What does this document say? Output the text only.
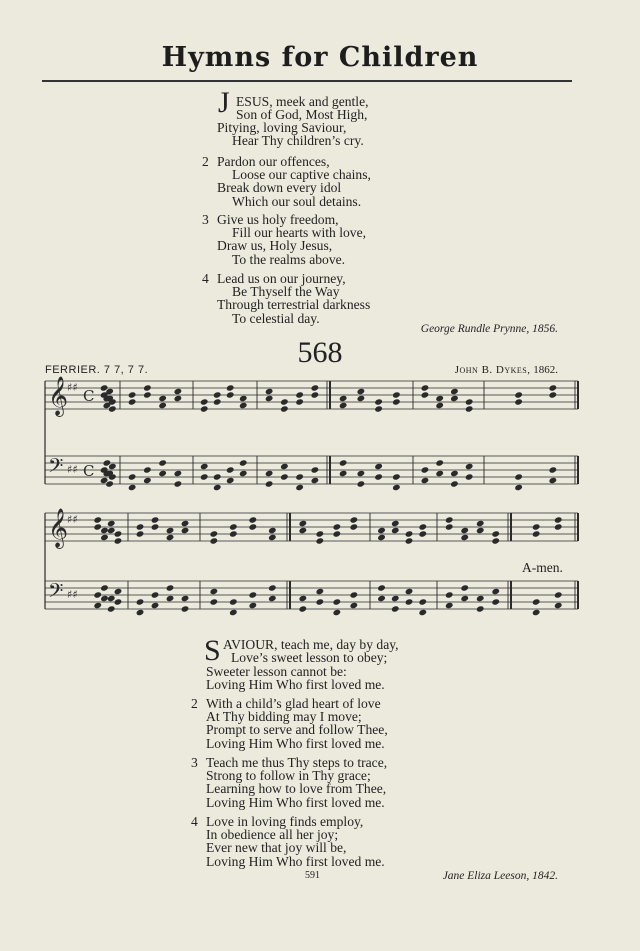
Hymns for Children
J ESUS, meek and gentle,
Son of God, Most High,
Pitying, loving Saviour,
Hear Thy children’s cry.
2 Pardon our offences,
Loose our captive chains,
Break down every idol
Which our soul detains.
3 Give us holy freedom,
Fill our hearts with love,
Draw us, Holy Jesus,
To the realms above.
4 Lead us on our journey,
Be Thyself the Way
Through terrestrial darkness
To celestial day.
George Rundle Prynne, 1856.
568
FERRIER. 7 7, 7 7.	John B. Dykes, 1862.
𝄞
♯♯ C
𝄢 ♯♯ C
𝄞
♯♯
𝄢 ♯♯
A-men.
S AVIOUR, teach me, day by day,
Love’s sweet lesson to obey;
Sweeter lesson cannot be:
Loving Him Who first loved me.
2 With a child’s glad heart of love
At Thy bidding may I move;
Prompt to serve and follow Thee,
Loving Him Who first loved me.
3 Teach me thus Thy steps to trace,
Strong to follow in Thy grace;
Learning how to love from Thee,
Loving Him Who first loved me.
4 Love in loving finds employ,
In obedience all her joy;
Ever new that joy will be,
Loving Him Who first loved me.
591	Jane Eliza Leeson, 1842.
